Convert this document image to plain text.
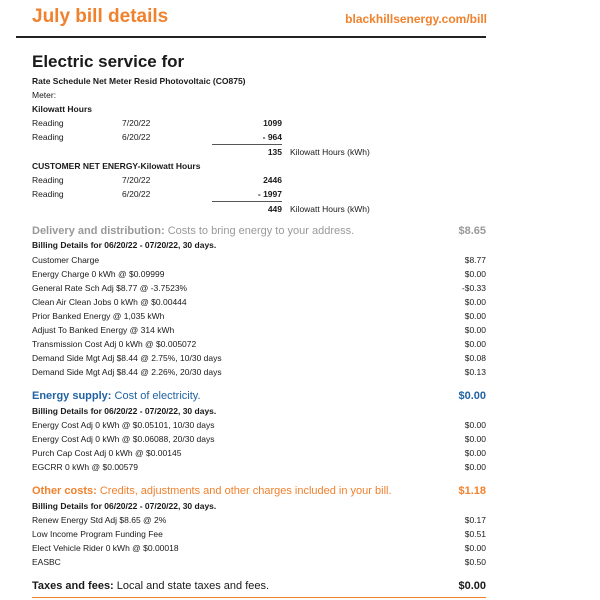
July bill details	blackhillsenergy.com/bill
Electric service for
Rate Schedule Net Meter Resid Photovoltaic (CO875)
Meter:
Kilowatt Hours
Reading	7/20/22	1099
Reading	6/20/22	- 964
135 Kilowatt Hours (kWh)
CUSTOMER NET ENERGY-Kilowatt Hours
Reading	7/20/22	2446
Reading	6/20/22	- 1997
449 Kilowatt Hours (kWh)
Delivery and distribution: Costs to bring energy to your address.	$8.65
Billing Details for 06/20/22 - 07/20/22, 30 days.
Customer Charge	$8.77
Energy Charge 0 kWh @ $0.09999	$0.00
General Rate Sch Adj $8.77 @ -3.7523%	-$0.33
Clean Air Clean Jobs 0 kWh @ $0.00444	$0.00
Prior Banked Energy @ 1,035 kWh	$0.00
Adjust To Banked Energy @ 314 kWh	$0.00
Transmission Cost Adj 0 kWh @ $0.005072	$0.00
Demand Side Mgt Adj $8.44 @ 2.75%, 10/30 days	$0.08
Demand Side Mgt Adj $8.44 @ 2.26%, 20/30 days	$0.13
Energy supply: Cost of electricity.	$0.00
Billing Details for 06/20/22 - 07/20/22, 30 days.
Energy Cost Adj 0 kWh @ $0.05101, 10/30 days	$0.00
Energy Cost Adj 0 kWh @ $0.06088, 20/30 days	$0.00
Purch Cap Cost Adj 0 kWh @ $0.00145	$0.00
EGCRR 0 kWh @ $0.00579	$0.00
Other costs: Credits, adjustments and other charges included in your bill.	$1.18
Billing Details for 06/20/22 - 07/20/22, 30 days.
Renew Energy Std Adj $8.65 @ 2%	$0.17
Low Income Program Funding Fee	$0.51
Elect Vehicle Rider 0 kWh @ $0.00018	$0.00
EASBC	$0.50
Taxes and fees: Local and state taxes and fees.	$0.00
